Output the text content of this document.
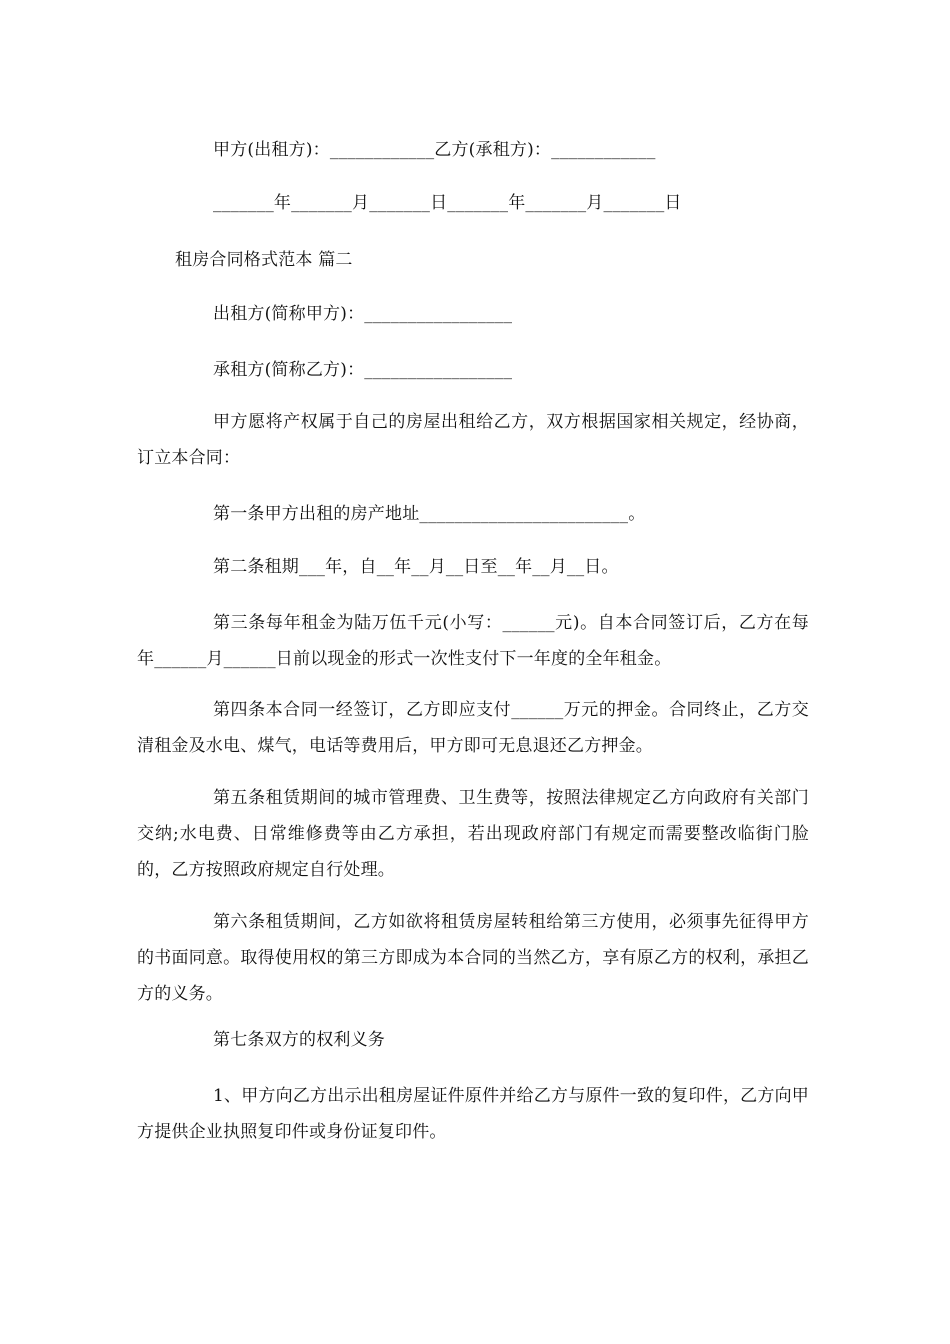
甲方(出租方)：____________乙方(承租方)：____________
_______年_______月_______日_______年_______月_______日
租房合同格式范本 篇二
出租方(简称甲方)：_________________
承租方(简称乙方)：_________________
甲方愿将产权属于自己的房屋出租给乙方，双方根据国家相关规定，经协商，订立本合同：
第一条甲方出租的房产地址________________________。
第二条租期___年，自__年__月__日至__年__月__日。
第三条每年租金为陆万伍千元(小写：______元)。自本合同签订后，乙方在每年______月______日前以现金的形式一次性支付下一年度的全年租金。
第四条本合同一经签订，乙方即应支付______万元的押金。合同终止，乙方交清租金及水电、煤气，电话等费用后，甲方即可无息退还乙方押金。
第五条租赁期间的城市管理费、卫生费等，按照法律规定乙方向政府有关部门交纳;水电费、日常维修费等由乙方承担，若出现政府部门有规定而需要整改临街门脸的，乙方按照政府规定自行处理。
第六条租赁期间，乙方如欲将租赁房屋转租给第三方使用，必须事先征得甲方的书面同意。取得使用权的第三方即成为本合同的当然乙方，享有原乙方的权利，承担乙方的义务。
第七条双方的权利义务
1、甲方向乙方出示出租房屋证件原件并给乙方与原件一致的复印件，乙方向甲方提供企业执照复印件或身份证复印件。
